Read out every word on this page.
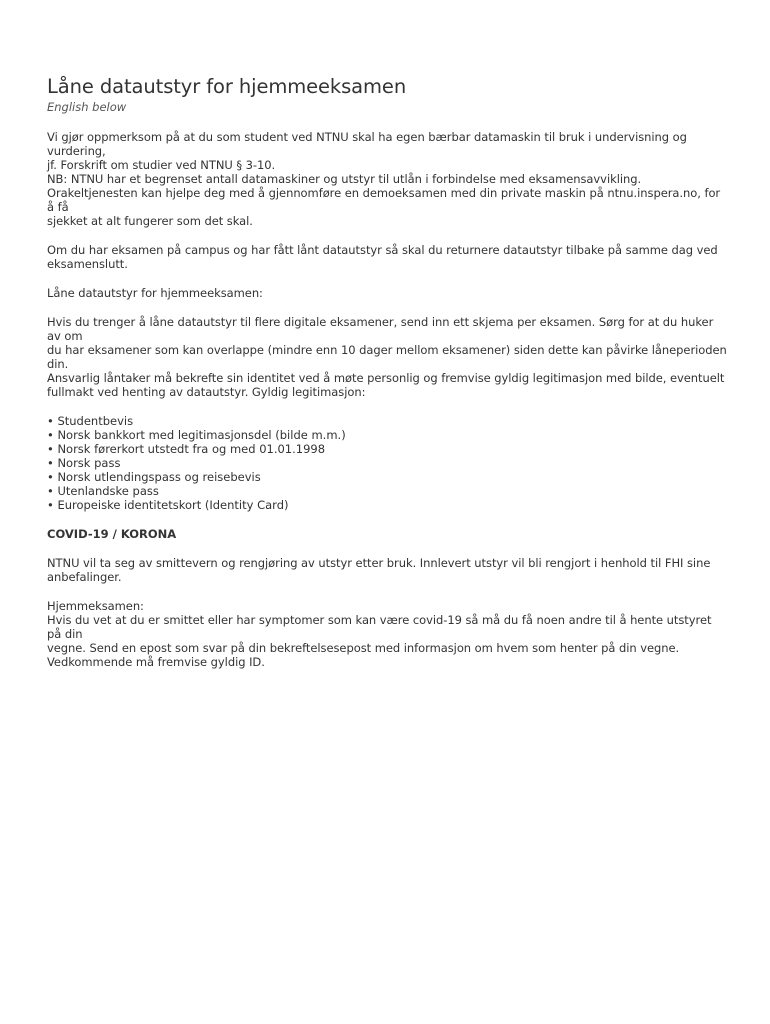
Låne datautstyr for hjemmeeksamen
English below

Vi gjør oppmerksom på at du som student ved NTNU skal ha egen bærbar datamaskin til bruk i undervisning og vurdering,
jf. Forskrift om studier ved NTNU § 3-10.
NB: NTNU har et begrenset antall datamaskiner og utstyr til utlån i forbindelse med eksamensavvikling.
Orakeltjenesten kan hjelpe deg med å gjennomføre en demoeksamen med din private maskin på ntnu.inspera.no, for å få
sjekket at alt fungerer som det skal.

Om du har eksamen på campus og har fått lånt datautstyr så skal du returnere datautstyr tilbake på samme dag ved
eksamenslutt.

Låne datautstyr for hjemmeeksamen:

Hvis du trenger å låne datautstyr til flere digitale eksamener, send inn ett skjema per eksamen. Sørg for at du huker av om
du har eksamener som kan overlappe (mindre enn 10 dager mellom eksamener) siden dette kan påvirke låneperioden din.
Ansvarlig låntaker må bekrefte sin identitet ved å møte personlig og fremvise gyldig legitimasjon med bilde, eventuelt
fullmakt ved henting av datautstyr. Gyldig legitimasjon:

• Studentbevis
• Norsk bankkort med legitimasjonsdel (bilde m.m.)
• Norsk førerkort utstedt fra og med 01.01.1998
• Norsk pass
• Norsk utlendingspass og reisebevis
• Utenlandske pass
• Europeiske identitetskort (Identity Card)
COVID-19 / KORONA

NTNU vil ta seg av smittevern og rengjøring av utstyr etter bruk. Innlevert utstyr vil bli rengjort i henhold til FHI sine
anbefalinger.

Hjemmeksamen:
Hvis du vet at du er smittet eller har symptomer som kan være covid-19 så må du få noen andre til å hente utstyret på din
vegne. Send en epost som svar på din bekreftelsesepost med informasjon om hvem som henter på din vegne.
Vedkommende må fremvise gyldig ID.
